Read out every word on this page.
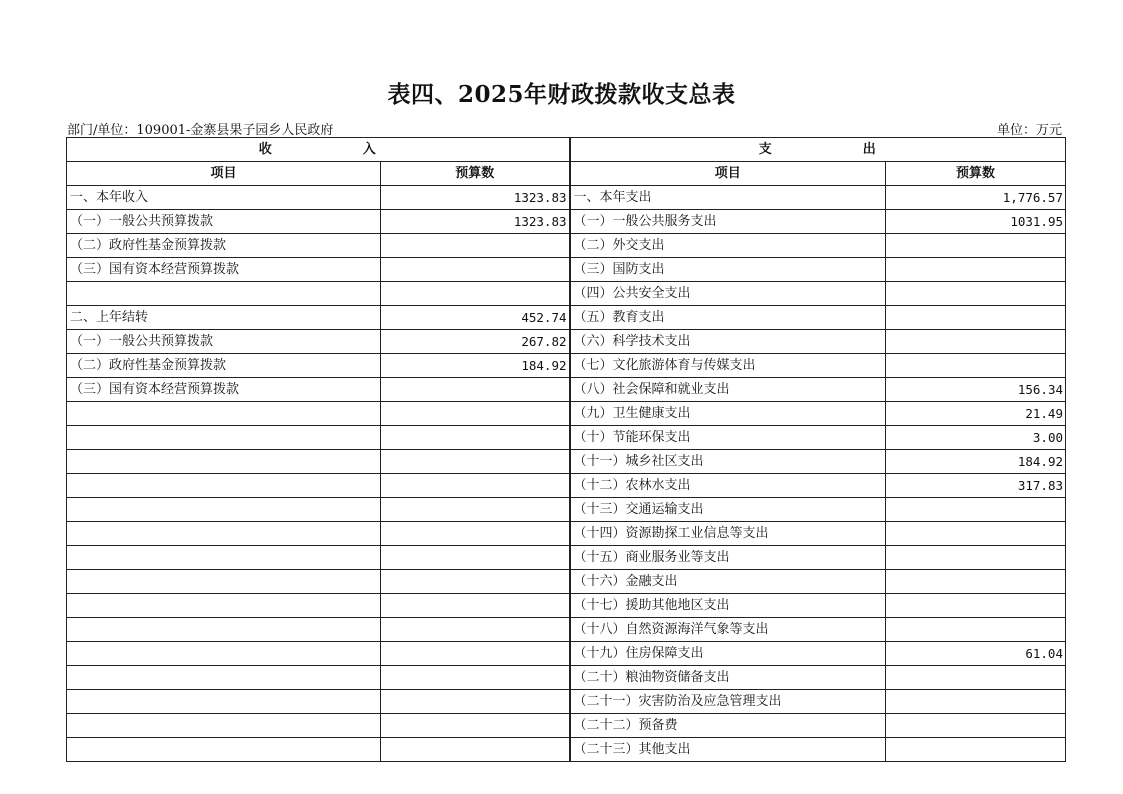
表四、2025年财政拨款收支总表
部门/单位：109001-金寨县果子园乡人民政府	单位：万元
收 入		支 出	
项目	预算数	项目	预算数
一、本年收入	1323.83	一、本年支出	1,776.57
（一）一般公共预算拨款	1323.83	（一）一般公共服务支出	1031.95
（二）政府性基金预算拨款		（二）外交支出	
（三）国有资本经营预算拨款		（三）国防支出	
		（四）公共安全支出	
二、上年结转	452.74	（五）教育支出	
（一）一般公共预算拨款	267.82	（六）科学技术支出	
（二）政府性基金预算拨款	184.92	（七）文化旅游体育与传媒支出	
（三）国有资本经营预算拨款		（八）社会保障和就业支出	156.34
		（九）卫生健康支出	21.49
		（十）节能环保支出	3.00
		（十一）城乡社区支出	184.92
		（十二）农林水支出	317.83
		（十三）交通运输支出	
		（十四）资源勘探工业信息等支出	
		（十五）商业服务业等支出	
		（十六）金融支出	
		（十七）援助其他地区支出	
		（十八）自然资源海洋气象等支出	
		（十九）住房保障支出	61.04
		（二十）粮油物资储备支出	
		（二十一）灾害防治及应急管理支出	
		（二十二）预备费	
		（二十三）其他支出	
